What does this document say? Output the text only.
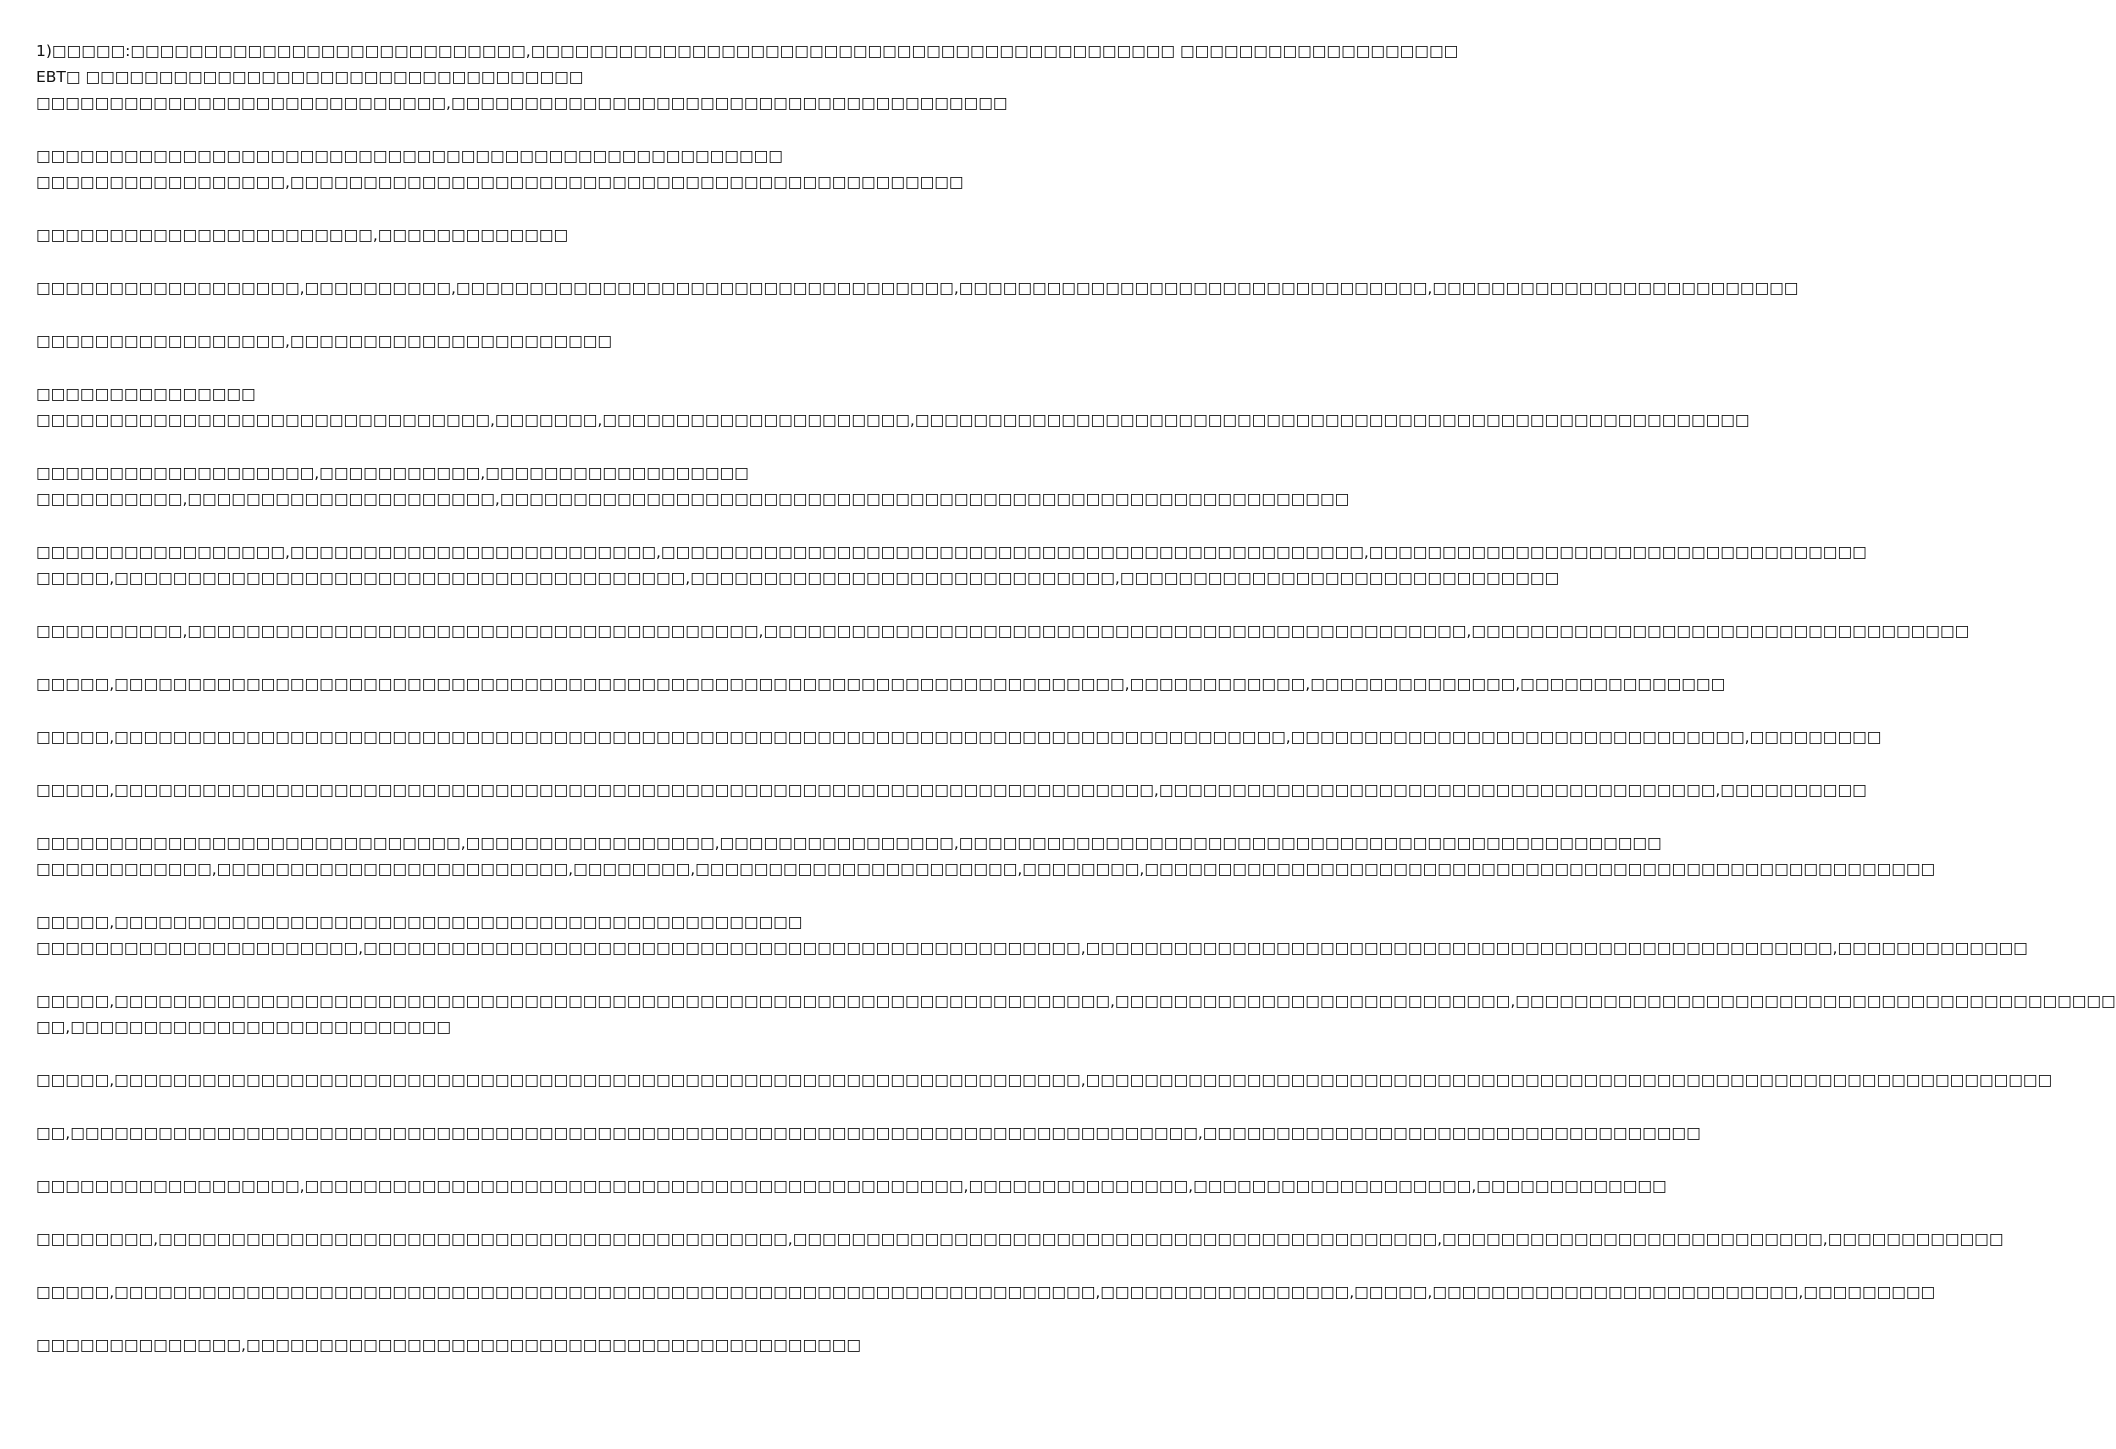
1)□□□□□:□□□□□□□□□□□□□□□□□□□□□□□□□□□,□□□□□□□□□□□□□□□□□□□□□□□□□□□□□□□□□□□□□□□□□□□□ □□□□□□□□□□□□□□□□□□□
EBT□ □□□□□□□□□□□□□□□□□□□□□□□□□□□□□□□□□□
□□□□□□□□□□□□□□□□□□□□□□□□□□□□,□□□□□□□□□□□□□□□□□□□□□□□□□□□□□□□□□□□□□□
□□□□□□□□□□□□□□□□□□□□□□□□□□□□□□□□□□□□□□□□□□□□□□□□□□□
□□□□□□□□□□□□□□□□□,□□□□□□□□□□□□□□□□□□□□□□□□□□□□□□□□□□□□□□□□□□□□□□
□□□□□□□□□□□□□□□□□□□□□□□,□□□□□□□□□□□□□
□□□□□□□□□□□□□□□□□□,□□□□□□□□□□,□□□□□□□□□□□□□□□□□□□□□□□□□□□□□□□□□□,□□□□□□□□□□□□□□□□□□□□□□□□□□□□□□□□,□□□□□□□□□□□□□□□□□□□□□□□□□
□□□□□□□□□□□□□□□□□,□□□□□□□□□□□□□□□□□□□□□□
□□□□□□□□□□□□□□□
□□□□□□□□□□□□□□□□□□□□□□□□□□□□□□□,□□□□□□□,□□□□□□□□□□□□□□□□□□□□□,□□□□□□□□□□□□□□□□□□□□□□□□□□□□□□□□□□□□□□□□□□□□□□□□□□□□□□□□□
□□□□□□□□□□□□□□□□□□□,□□□□□□□□□□□,□□□□□□□□□□□□□□□□□□
□□□□□□□□□□,□□□□□□□□□□□□□□□□□□□□□,□□□□□□□□□□□□□□□□□□□□□□□□□□□□□□□□□□□□□□□□□□□□□□□□□□□□□□□□□□
□□□□□□□□□□□□□□□□□,□□□□□□□□□□□□□□□□□□□□□□□□□,□□□□□□□□□□□□□□□□□□□□□□□□□□□□□□□□□□□□□□□□□□□□□□□□,□□□□□□□□□□□□□□□□□□□□□□□□□□□□□□□□□□
□□□□□,□□□□□□□□□□□□□□□□□□□□□□□□□□□□□□□□□□□□□□□,□□□□□□□□□□□□□□□□□□□□□□□□□□□□□,□□□□□□□□□□□□□□□□□□□□□□□□□□□□□□
□□□□□□□□□□,□□□□□□□□□□□□□□□□□□□□□□□□□□□□□□□□□□□□□□□,□□□□□□□□□□□□□□□□□□□□□□□□□□□□□□□□□□□□□□□□□□□□□□□□,□□□□□□□□□□□□□□□□□□□□□□□□□□□□□□□□□□
□□□□□,□□□□□□□□□□□□□□□□□□□□□□□□□□□□□□□□□□□□□□□□□□□□□□□□□□□□□□□□□□□□□□□□□□□□□,□□□□□□□□□□□□,□□□□□□□□□□□□□□,□□□□□□□□□□□□□□
□□□□□,□□□□□□□□□□□□□□□□□□□□□□□□□□□□□□□□□□□□□□□□□□□□□□□□□□□□□□□□□□□□□□□□□□□□□□□□□□□□□□□□,□□□□□□□□□□□□□□□□□□□□□□□□□□□□□□□,□□□□□□□□□
□□□□□,□□□□□□□□□□□□□□□□□□□□□□□□□□□□□□□□□□□□□□□□□□□□□□□□□□□□□□□□□□□□□□□□□□□□□□□,□□□□□□□□□□□□□□□□□□□□□□□□□□□□□□□□□□□□□□,□□□□□□□□□□
□□□□□□□□□□□□□□□□□□□□□□□□□□□□□,□□□□□□□□□□□□□□□□□,□□□□□□□□□□□□□□□□,□□□□□□□□□□□□□□□□□□□□□□□□□□□□□□□□□□□□□□□□□□□□□□□□
□□□□□□□□□□□□,□□□□□□□□□□□□□□□□□□□□□□□□,□□□□□□□□,□□□□□□□□□□□□□□□□□□□□□□,□□□□□□□□,□□□□□□□□□□□□□□□□□□□□□□□□□□□□□□□□□□□□□□□□□□□□□□□□□□□□□□
□□□□□,□□□□□□□□□□□□□□□□□□□□□□□□□□□□□□□□□□□□□□□□□□□□□□□
□□□□□□□□□□□□□□□□□□□□□□,□□□□□□□□□□□□□□□□□□□□□□□□□□□□□□□□□□□□□□□□□□□□□□□□□,□□□□□□□□□□□□□□□□□□□□□□□□□□□□□□□□□□□□□□□□□□□□□□□□□□□,□□□□□□□□□□□□□
□□□□□,□□□□□□□□□□□□□□□□□□□□□□□□□□□□□□□□□□□□□□□□□□□□□□□□□□□□□□□□□□□□□□□□□□□□,□□□□□□□□□□□□□□□□□□□□□□□□□□□,□□□□□□□□□□□□□□□□□□□□□□□□□□□□□□□□□□□□□□□□□
□□,□□□□□□□□□□□□□□□□□□□□□□□□□□
□□□□□,□□□□□□□□□□□□□□□□□□□□□□□□□□□□□□□□□□□□□□□□□□□□□□□□□□□□□□□□□□□□□□□□□□,□□□□□□□□□□□□□□□□□□□□□□□□□□□□□□□□□□□□□□□□□□□□□□□□□□□□□□□□□□□□□□□□□□
□□,□□□□□□□□□□□□□□□□□□□□□□□□□□□□□□□□□□□□□□□□□□□□□□□□□□□□□□□□□□□□□□□□□□□□□□□□□□□□□,□□□□□□□□□□□□□□□□□□□□□□□□□□□□□□□□□□
□□□□□□□□□□□□□□□□□□,□□□□□□□□□□□□□□□□□□□□□□□□□□□□□□□□□□□□□□□□□□□□□,□□□□□□□□□□□□□□□,□□□□□□□□□□□□□□□□□□□,□□□□□□□□□□□□□
□□□□□□□□,□□□□□□□□□□□□□□□□□□□□□□□□□□□□□□□□□□□□□□□□□□□,□□□□□□□□□□□□□□□□□□□□□□□□□□□□□□□□□□□□□□□□□□□□,□□□□□□□□□□□□□□□□□□□□□□□□□□,□□□□□□□□□□□□
□□□□□,□□□□□□□□□□□□□□□□□□□□□□□□□□□□□□□□□□□□□□□□□□□□□□□□□□□□□□□□□□□□□□□□□□□,□□□□□□□□□□□□□□□□□,□□□□□,□□□□□□□□□□□□□□□□□□□□□□□□□,□□□□□□□□□
□□□□□□□□□□□□□□,□□□□□□□□□□□□□□□□□□□□□□□□□□□□□□□□□□□□□□□□□□
